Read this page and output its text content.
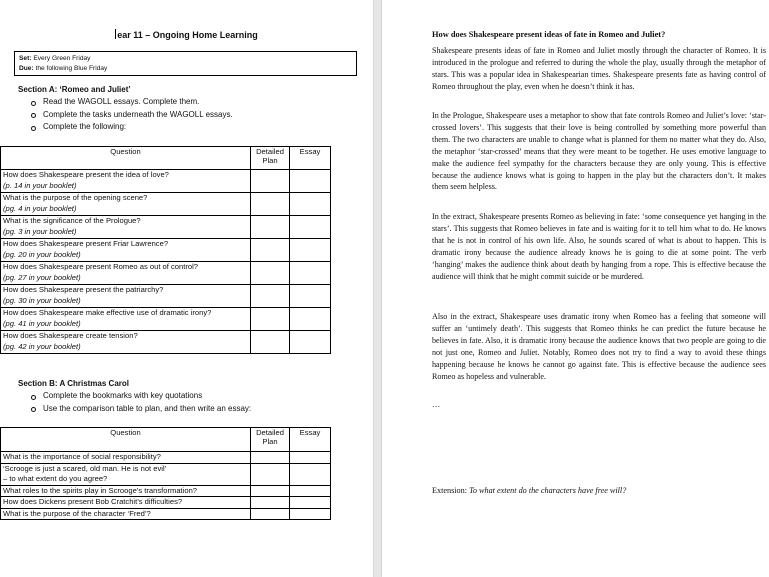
ear 11 – Ongoing Home Learning
Set: Every Green Friday
Due: the following Blue Friday
Section A: ‘Romeo and Juliet’
Read the WAGOLL essays. Complete them.
Complete the tasks underneath the WAGOLL essays.
Complete the following:
Question	Detailed Plan	Essay
How does Shakespeare present the idea of love?
(p. 14 in your booklet)		

What is the purpose of the opening scene?
(pg. 4 in your booklet)		

What is the significance of the Prologue?
(pg. 3 in your booklet)		

How does Shakespeare present Friar Lawrence?
(pg. 20 in your booklet)		

How does Shakespeare present Romeo as out of control?
(pg. 27 in your booklet)		

How does Shakespeare present the patriarchy?
(pg. 30 in your booklet)		

How does Shakespeare make effective use of dramatic irony?
(pg. 41 in your booklet)		

How does Shakespeare create tension?
(pg. 42 in your booklet)		

Section B: A Christmas Carol
Complete the bookmarks with key quotations
Use the comparison table to plan, and then write an essay:
Question	Detailed Plan	Essay
What is the importance of social responsibility?		

‘Scrooge is just a scared, old man. He is not evil’
– to what extent do you agree?		

What roles to the spirits play in Scrooge’s transformation?		
How does Dickens present Bob Cratchit’s difficulties?		
What is the purpose of the character ‘Fred’?		
How does Shakespeare present ideas of fate in Romeo and Juliet?

Shakespeare presents ideas of fate in Romeo and Juliet mostly through the character of Romeo. It is introduced in the prologue and referred to during the whole the play, usually through the metaphor of stars. This was a popular idea in Shakespearian times. Shakespeare presents fate as having control of Romeo throughout the play, even when he doesn’t think it has.

In the Prologue, Shakespeare uses a metaphor to show that fate controls Romeo and Juliet’s love: ‘star-crossed lovers’. This suggests that their love is being controlled by something more powerful than them. The two characters are unable to change what is planned for them no matter what they do. Also, the metaphor ‘star-crossed’ means that they were meant to be together. He uses emotive language to make the audience feel sympathy for the characters because they are only young. This is effective because the audience knows what is going to happen in the play but the characters don’t. It makes them seem helpless.

In the extract, Shakespeare presents Romeo as believing in fate: ‘some consequence yet hanging in the stars’. This suggests that Romeo believes in fate and is waiting for it to tell him what to do. He knows that he is not in control of his own life. Also, he sounds scared of what is about to happen. This is dramatic irony because the audience already knows he is going to die at some point. The verb ‘hanging’ makes the audience think about death by hanging from a rope. This is effective because the audience will think that he might commit suicide or be murdered.

Also in the extract, Shakespeare uses dramatic irony when Romeo has a feeling that someone will suffer an ‘untimely death’. This suggests that Romeo thinks he can predict the future because he believes in fate. Also, it is dramatic irony because the audience knows that two people are going to die not just one, Romeo and Juliet. Notably, Romeo does not try to find a way to avoid these things happening because he knows he cannot go against fate. This is effective because the audience sees Romeo as hopeless and vulnerable.

…
Extension: To what extent do the characters have free will?
